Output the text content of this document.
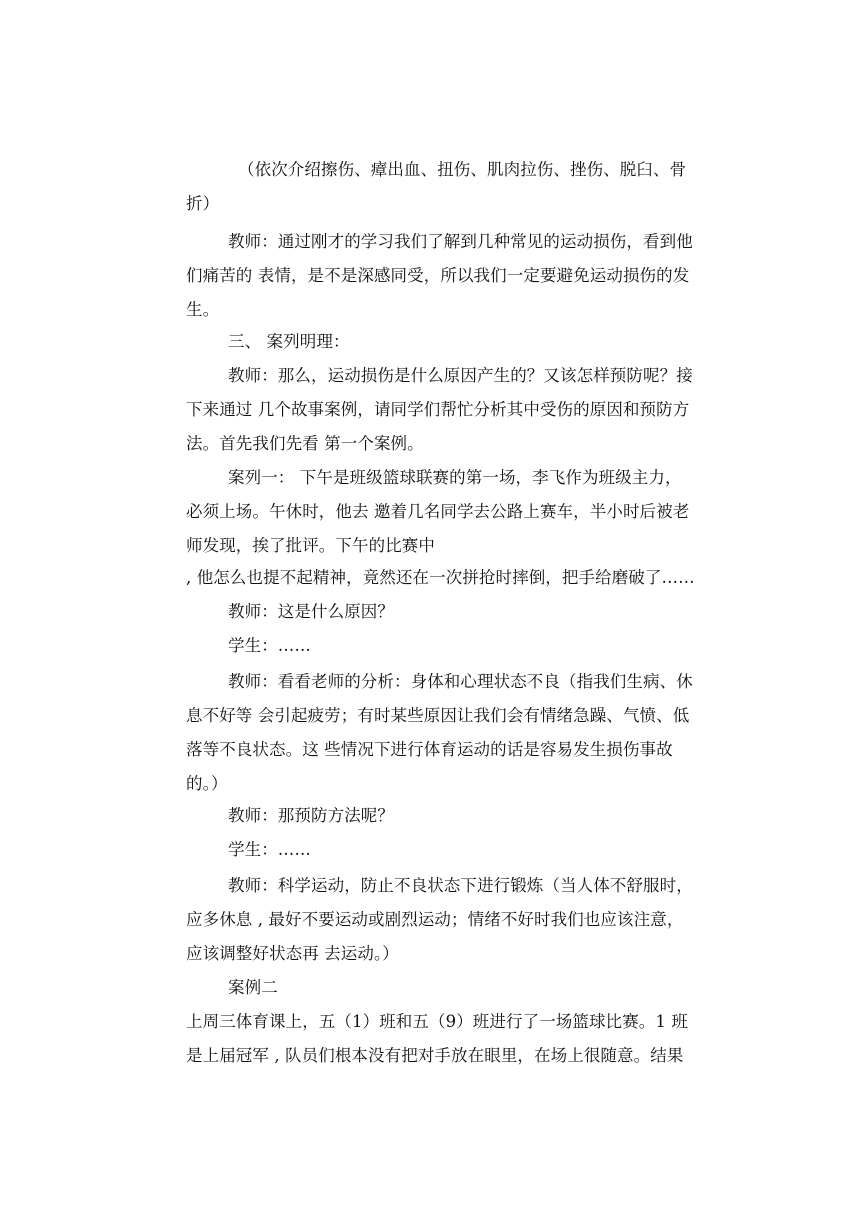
（依次介绍擦伤、瘴出血、扭伤、肌肉拉伤、挫伤、脱臼、骨
折）
教师：通过刚才的学习我们了解到几种常见的运动损伤，看到他
们痛苦的 表情，是不是深感同受，所以我们一定要避免运动损伤的发
生。
三、 案列明理：
教师：那么，运动损伤是什么原因产生的？又该怎样预防呢？接
下来通过 几个故事案例，请同学们帮忙分析其中受伤的原因和预防方
法。首先我们先看 第一个案例。
案列一： 下午是班级篮球联赛的第一场，李飞作为班级主力，
必须上场。午休时，他去 邀着几名同学去公路上赛车，半小时后被老
师发现，挨了批评。下午的比赛中
, 他怎么也提不起精神，竟然还在一次拼抢时摔倒，把手给磨破了……
教师：这是什么原因？
学生：……
教师：看看老师的分析：身体和心理状态不良（指我们生病、休
息不好等 会引起疲劳；有时某些原因让我们会有情绪急躁、气愤、低
落等不良状态。这 些情况下进行体育运动的话是容易发生损伤事故
的。）
教师：那预防方法呢？
学生：……
教师：科学运动，防止不良状态下进行锻炼（当人体不舒服时，
应多休息 , 最好不要运动或剧烈运动；情绪不好时我们也应该注意，
应该调整好状态再 去运动。）
案例二
上周三体育课上，五（1）班和五（9）班进行了一场篮球比赛。1 班
是上届冠军 , 队员们根本没有把对手放在眼里，在场上很随意。结果
